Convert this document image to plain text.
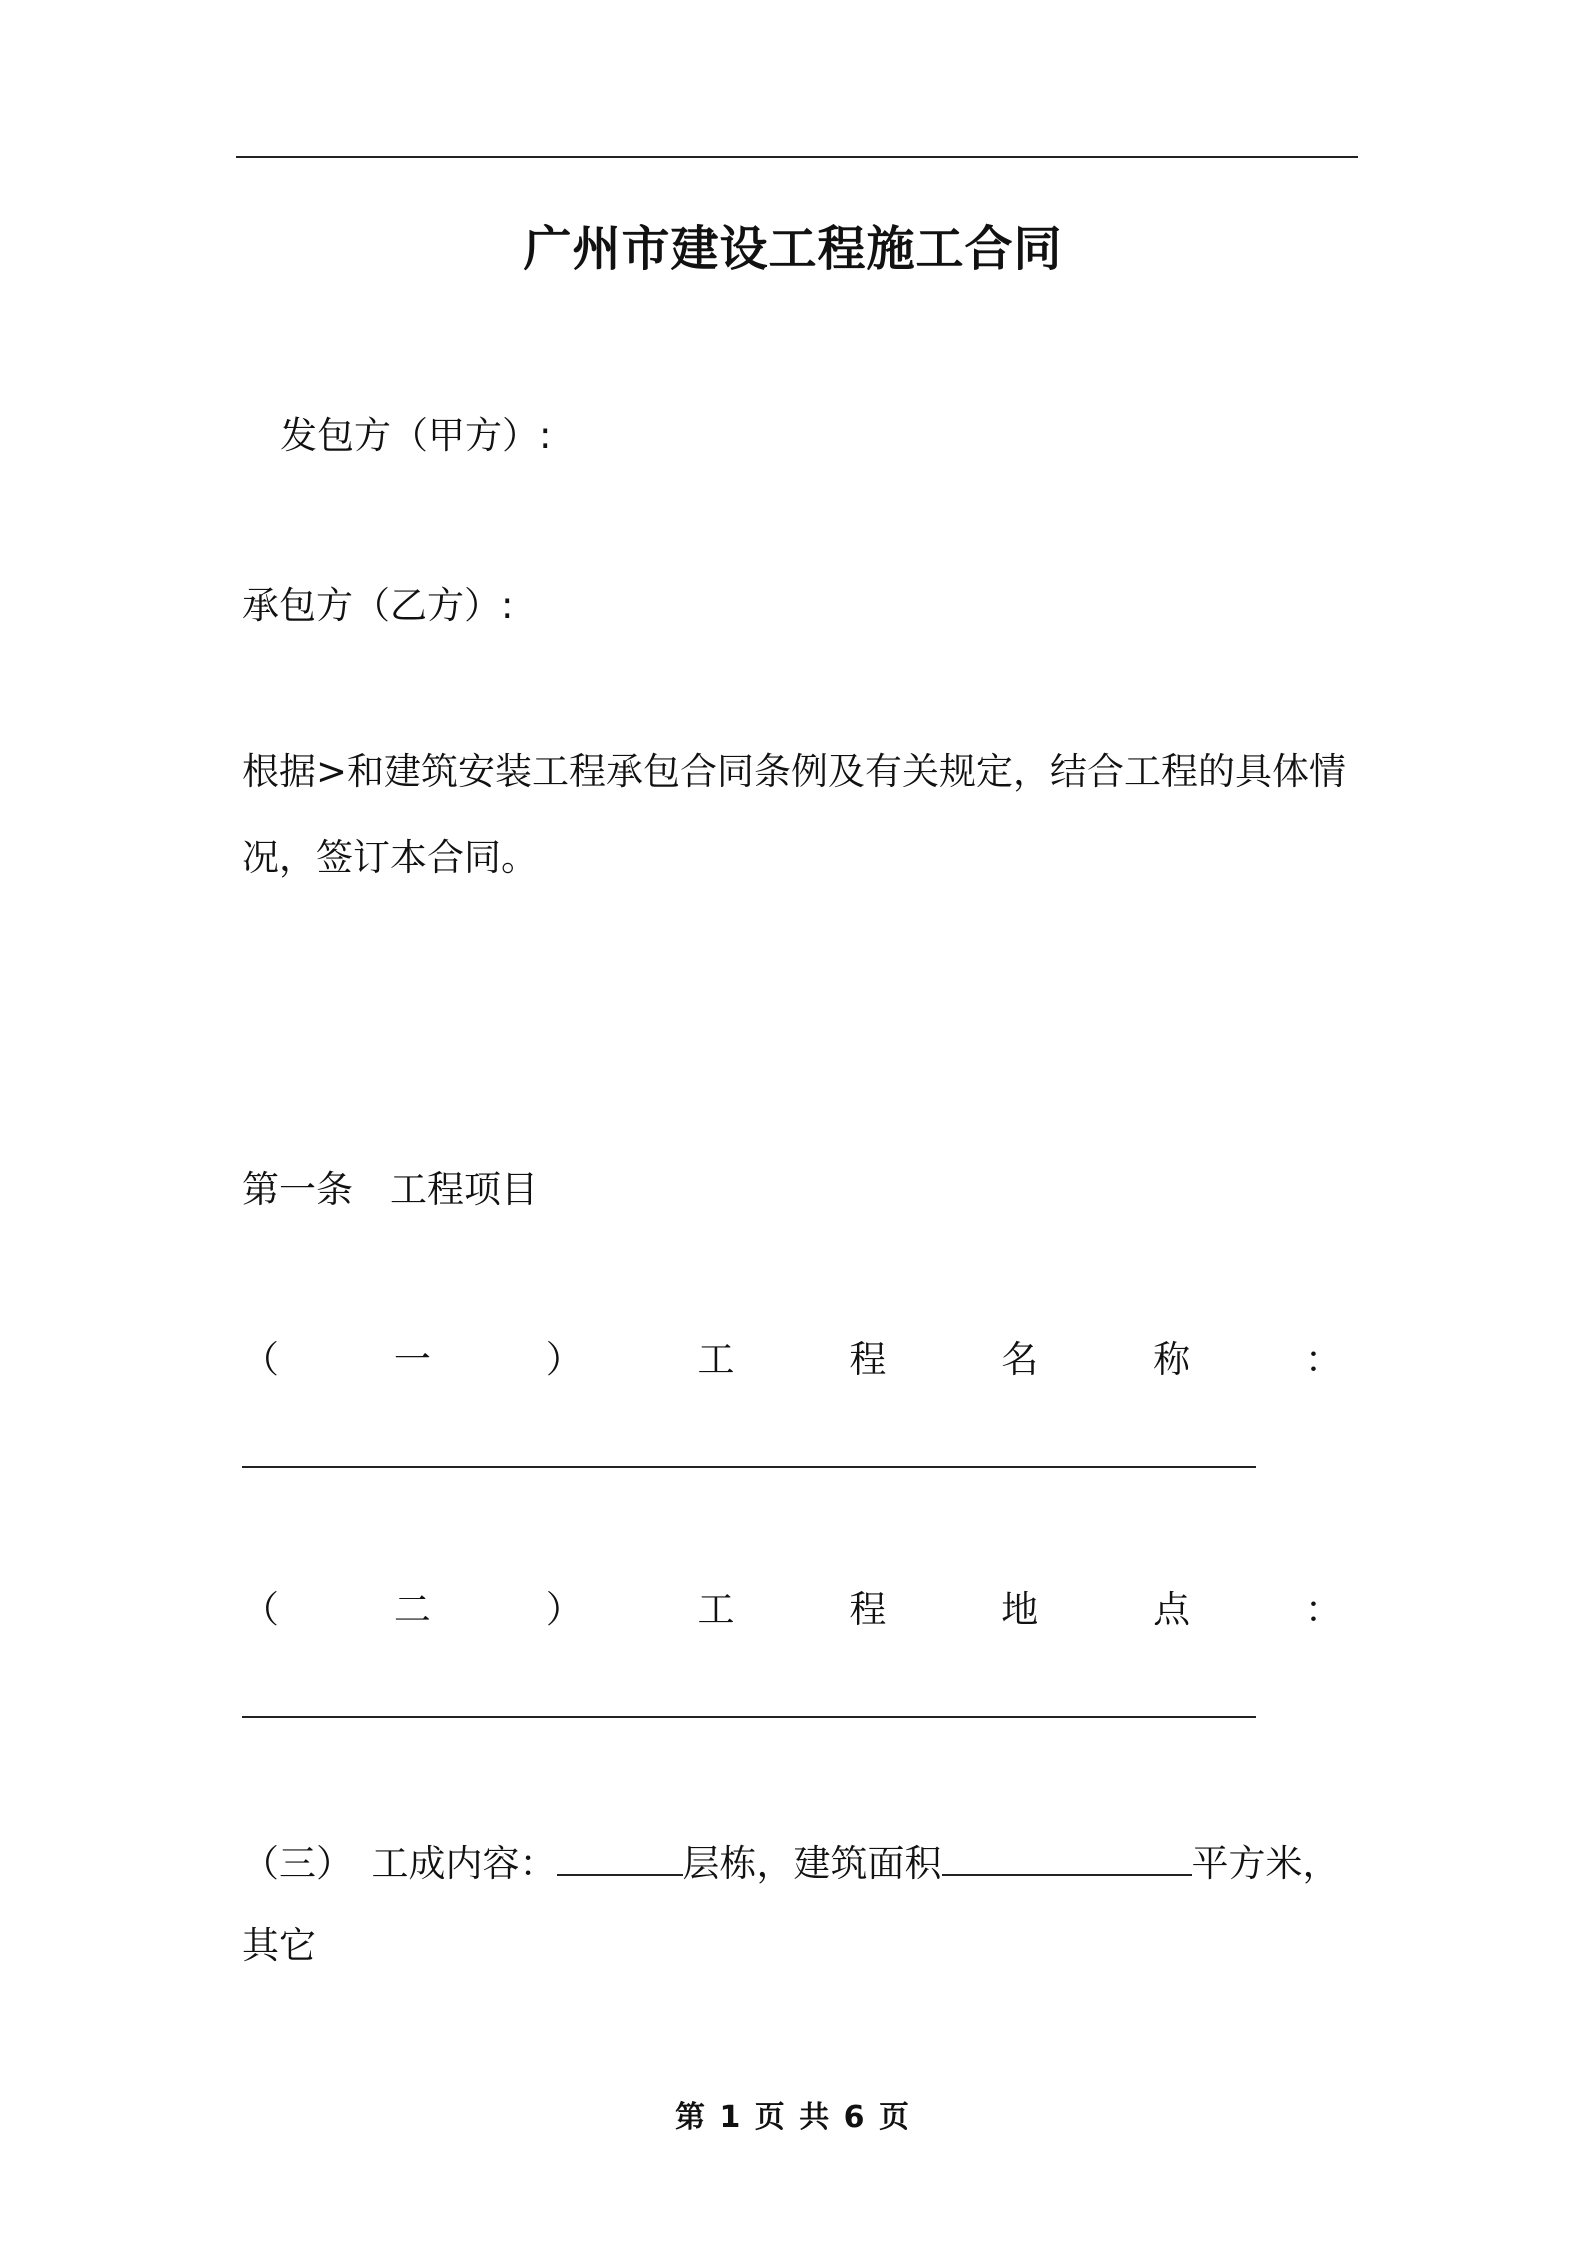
广州市建设工程施工合同
发包方（甲方）:
承包方（乙方）:
根据>和建筑安装工程承包合同条例及有关规定，结合工程的具体情
况，签订本合同。
第一条　工程项目
（	一	）	工	程	名	称	：
（	二	）	工	程	地	点	：
（三）　工成内容：	层栋，建筑面积	平方米，
其它
第 1 页 共 6 页
